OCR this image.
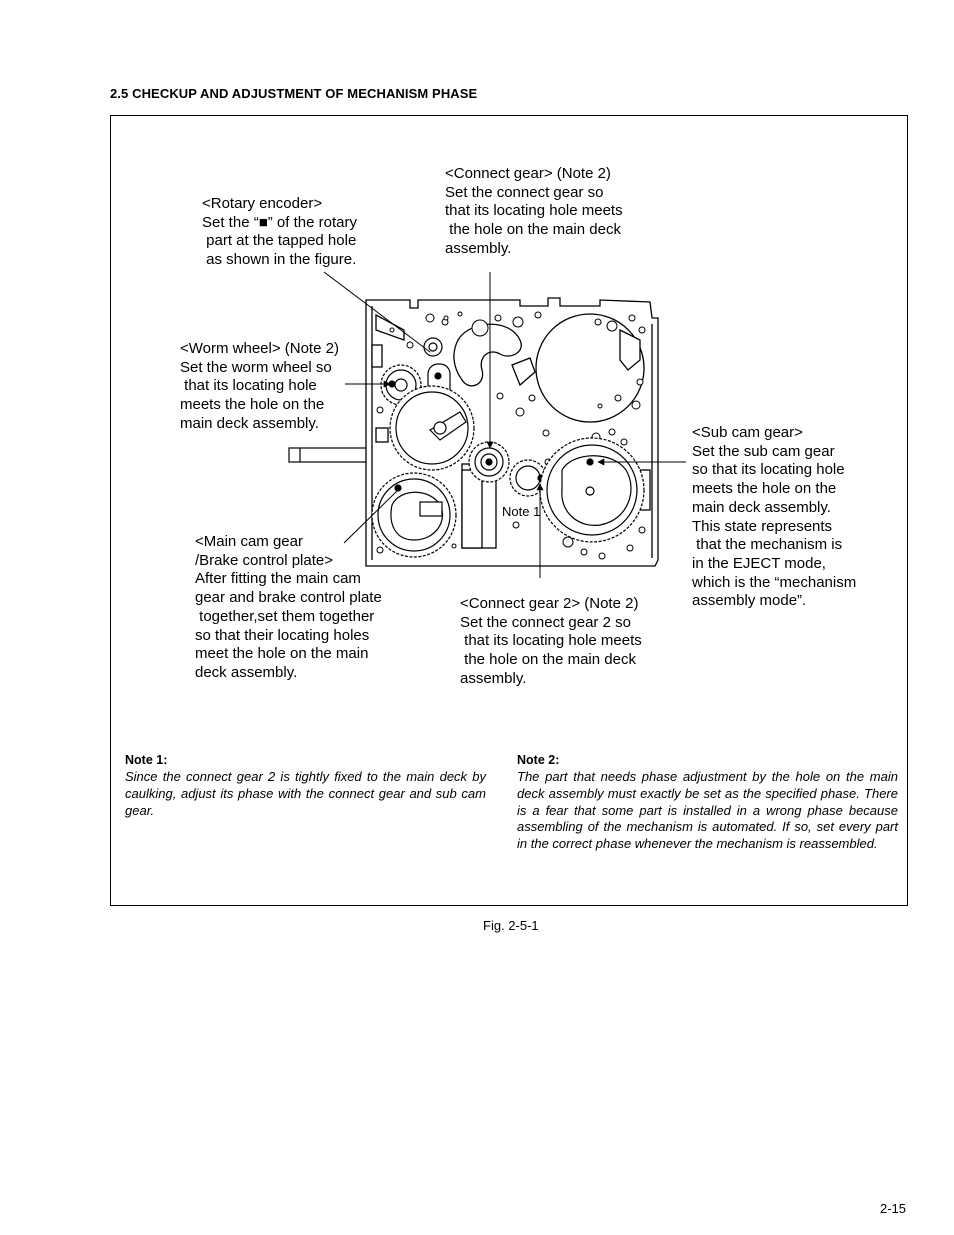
2.5 CHECKUP AND ADJUSTMENT OF MECHANISM PHASE
Note 1
<Rotary encoder>
Set the “■” of the rotary
part at the tapped hole
as shown in the figure.
<Connect gear> (Note 2)
Set the connect gear so
that its locating hole meets
the hole on the main deck
assembly.
<Worm wheel> (Note 2)
Set the worm wheel so
that its locating hole
meets the hole on the
main deck assembly.
<Sub cam gear>
Set the sub cam gear
so that its locating hole
meets the hole on the
main deck assembly.
This state represents
that the mechanism is
in the EJECT mode,
which is the “mechanism
assembly mode”.
<Main cam gear
/Brake control plate>
After fitting the main cam
gear and brake control plate
together,set them together
so that their locating holes
meet the hole on the main
deck assembly.
<Connect gear 2> (Note 2)
Set the connect gear 2 so
that its locating hole meets
the hole on the main deck
assembly.
Note 1:
Since the connect gear 2 is tightly fixed to the main deck by caulking, adjust its phase with the connect gear and sub cam gear.
Note 2:
The part that needs phase adjustment by the hole on the main deck assembly must exactly be set as the specified phase. There is a fear that some part is installed in a wrong phase because assembling of the mechanism is automated. If so, set every part in the correct phase whenever the mechanism is reassembled.
Fig. 2-5-1
2-15
